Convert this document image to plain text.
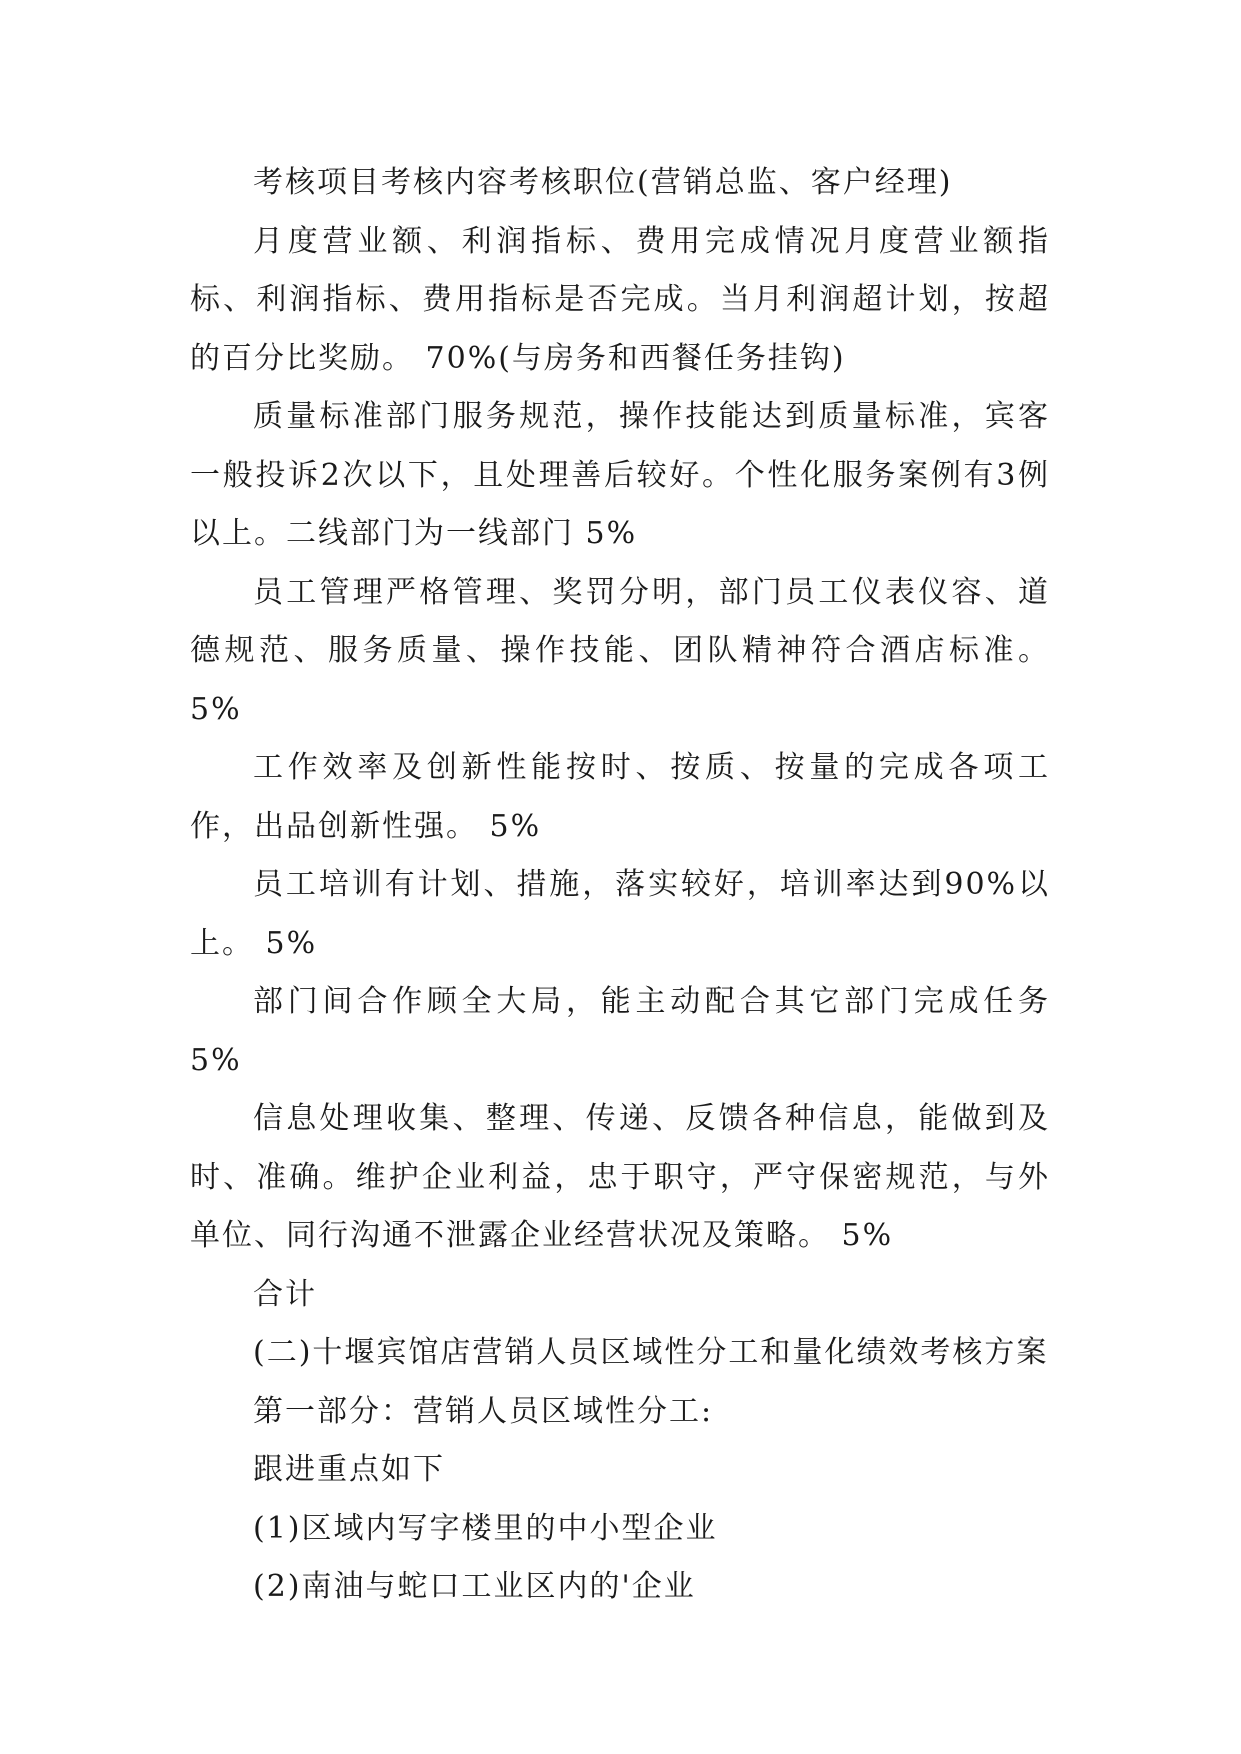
考核项目考核内容考核职位(营销总监、客户经理)

月度营业额、利润指标、费用完成情况月度营业额指标、利润指标、费用指标是否完成。当月利润超计划，按超的百分比奖励。 70%(与房务和西餐任务挂钩)

质量标准部门服务规范，操作技能达到质量标准，宾客一般投诉2次以下，且处理善后较好。个性化服务案例有3例以上。二线部门为一线部门 5%

员工管理严格管理、奖罚分明，部门员工仪表仪容、道德规范、服务质量、操作技能、团队精神符合酒店标准。 5%

工作效率及创新性能按时、按质、按量的完成各项工作，出品创新性强。 5%

员工培训有计划、措施，落实较好，培训率达到90%以上。 5%

部门间合作顾全大局，能主动配合其它部门完成任务 5%

信息处理收集、整理、传递、反馈各种信息，能做到及时、准确。维护企业利益，忠于职守，严守保密规范，与外单位、同行沟通不泄露企业经营状况及策略。 5%

合计

(二)十堰宾馆店营销人员区域性分工和量化绩效考核方案

第一部分：营销人员区域性分工:

跟进重点如下

(1)区域内写字楼里的中小型企业

(2)南油与蛇口工业区内的'企业
